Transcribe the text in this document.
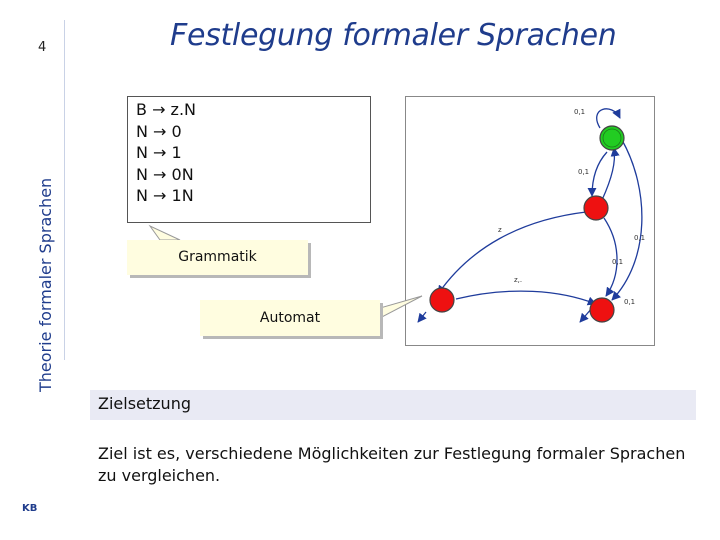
4
Theorie formaler Sprachen
KB
Festlegung formaler Sprachen
B → z.N
N → 0
N → 1
N → 0N
N → 1N
0,1
0,1
z
0,1
z,.
0,1
0,1
Grammatik
Automat
Zielsetzung
Ziel ist es, verschiedene Möglichkeiten zur Festlegung formaler Sprachen zu vergleichen.
